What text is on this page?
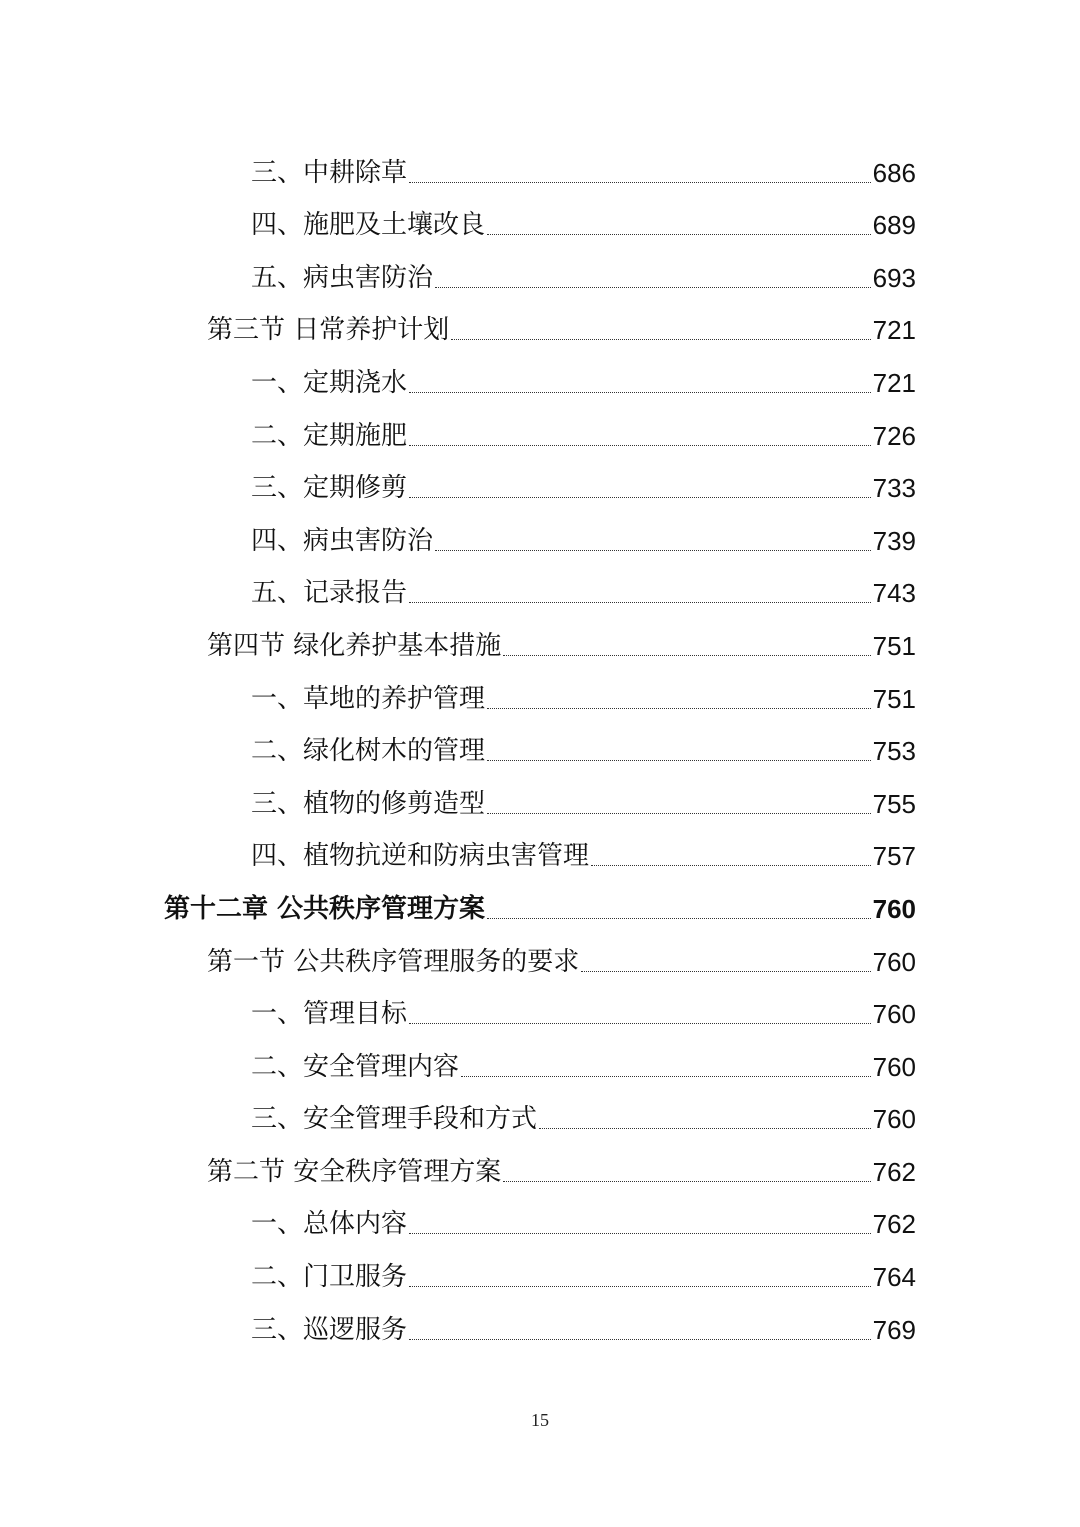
三、中耕除草	686
四、施肥及土壤改良	689
五、病虫害防治	693
第三节 日常养护计划	721
一、定期浇水	721
二、定期施肥	726
三、定期修剪	733
四、病虫害防治	739
五、记录报告	743
第四节 绿化养护基本措施	751
一、草地的养护管理	751
二、绿化树木的管理	753
三、植物的修剪造型	755
四、植物抗逆和防病虫害管理	757
第十二章 公共秩序管理方案	760
第一节 公共秩序管理服务的要求	760
一、管理目标	760
二、安全管理内容	760
三、安全管理手段和方式	760
第二节 安全秩序管理方案	762
一、总体内容	762
二、门卫服务	764
三、巡逻服务	769
15
